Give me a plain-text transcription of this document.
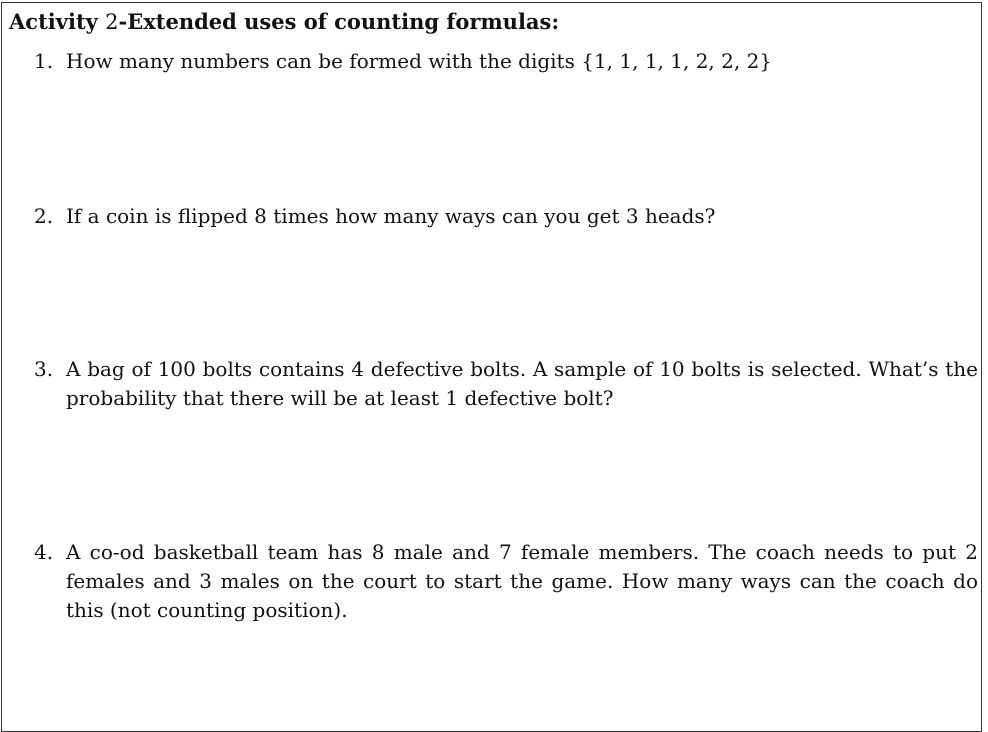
Activity 2-Extended uses of counting formulas:
1. How many numbers can be formed with the digits {1, 1, 1, 1, 2, 2, 2}
2. If a coin is flipped 8 times how many ways can you get 3 heads?
3. A bag of 100 bolts contains 4 defective bolts. A sample of 10 bolts is selected. What’s the probability that there will be at least 1 defective bolt?
4. A co-od basketball team has 8 male and 7 female members. The coach needs to put 2 females and 3 males on the court to start the game. How many ways can the coach do this (not counting position).
